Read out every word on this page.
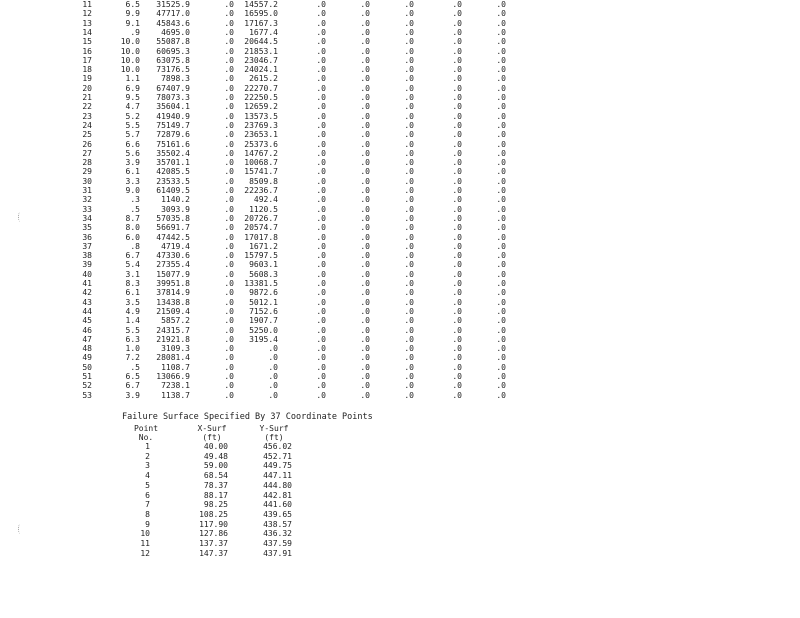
11	6.5	31525.9	.0	14557.2	.0	.0	.0	.0	.0
12	9.9	47717.0	.0	16595.0	.0	.0	.0	.0	.0
13	9.1	45843.6	.0	17167.3	.0	.0	.0	.0	.0
14	.9	4695.0	.0	1677.4	.0	.0	.0	.0	.0
15	10.0	55087.8	.0	20644.5	.0	.0	.0	.0	.0
16	10.0	60695.3	.0	21853.1	.0	.0	.0	.0	.0
17	10.0	63075.8	.0	23046.7	.0	.0	.0	.0	.0
18	10.0	73176.5	.0	24024.1	.0	.0	.0	.0	.0
19	1.1	7898.3	.0	2615.2	.0	.0	.0	.0	.0
20	6.9	67407.9	.0	22270.7	.0	.0	.0	.0	.0
21	9.5	78073.3	.0	22250.5	.0	.0	.0	.0	.0
22	4.7	35604.1	.0	12659.2	.0	.0	.0	.0	.0
23	5.2	41940.9	.0	13573.5	.0	.0	.0	.0	.0
24	5.5	75149.7	.0	23769.3	.0	.0	.0	.0	.0
25	5.7	72879.6	.0	23653.1	.0	.0	.0	.0	.0
26	6.6	75161.6	.0	25373.6	.0	.0	.0	.0	.0
27	5.6	35502.4	.0	14767.2	.0	.0	.0	.0	.0
28	3.9	35701.1	.0	10068.7	.0	.0	.0	.0	.0
29	6.1	42085.5	.0	15741.7	.0	.0	.0	.0	.0
30	3.3	23533.5	.0	8509.8	.0	.0	.0	.0	.0
31	9.0	61409.5	.0	22236.7	.0	.0	.0	.0	.0
32	.3	1140.2	.0	492.4	.0	.0	.0	.0	.0
33	.5	3093.9	.0	1120.5	.0	.0	.0	.0	.0
34	8.7	57035.8	.0	20726.7	.0	.0	.0	.0	.0
35	8.0	56691.7	.0	20574.7	.0	.0	.0	.0	.0
36	6.0	47442.5	.0	17017.8	.0	.0	.0	.0	.0
37	.8	4719.4	.0	1671.2	.0	.0	.0	.0	.0
38	6.7	47330.6	.0	15797.5	.0	.0	.0	.0	.0
39	5.4	27355.4	.0	9603.1	.0	.0	.0	.0	.0
40	3.1	15077.9	.0	5608.3	.0	.0	.0	.0	.0
41	8.3	39951.8	.0	13381.5	.0	.0	.0	.0	.0
42	6.1	37814.9	.0	9872.6	.0	.0	.0	.0	.0
43	3.5	13438.8	.0	5012.1	.0	.0	.0	.0	.0
44	4.9	21509.4	.0	7152.6	.0	.0	.0	.0	.0
45	1.4	5857.2	.0	1907.7	.0	.0	.0	.0	.0
46	5.5	24315.7	.0	5250.0	.0	.0	.0	.0	.0
47	6.3	21921.8	.0	3195.4	.0	.0	.0	.0	.0
48	1.0	3109.3	.0	.0	.0	.0	.0	.0	.0
49	7.2	28081.4	.0	.0	.0	.0	.0	.0	.0
50	.5	1108.7	.0	.0	.0	.0	.0	.0	.0
51	6.5	13066.9	.0	.0	.0	.0	.0	.0	.0
52	6.7	7238.1	.0	.0	.0	.0	.0	.0	.0
53	3.9	1138.7	.0	.0	.0	.0	.0	.0	.0
Failure Surface Specified By 37 Coordinate Points
Point	X-Surf	Y-Surf
No.	(ft)	(ft)
1	40.00	456.02
2	49.48	452.71
3	59.00	449.75
4	68.54	447.11
5	78.37	444.80
6	88.17	442.81
7	98.25	441.60
8	108.25	439.65
9	117.90	438.57
10	127.86	436.32
11	137.37	437.59
12	147.37	437.91
